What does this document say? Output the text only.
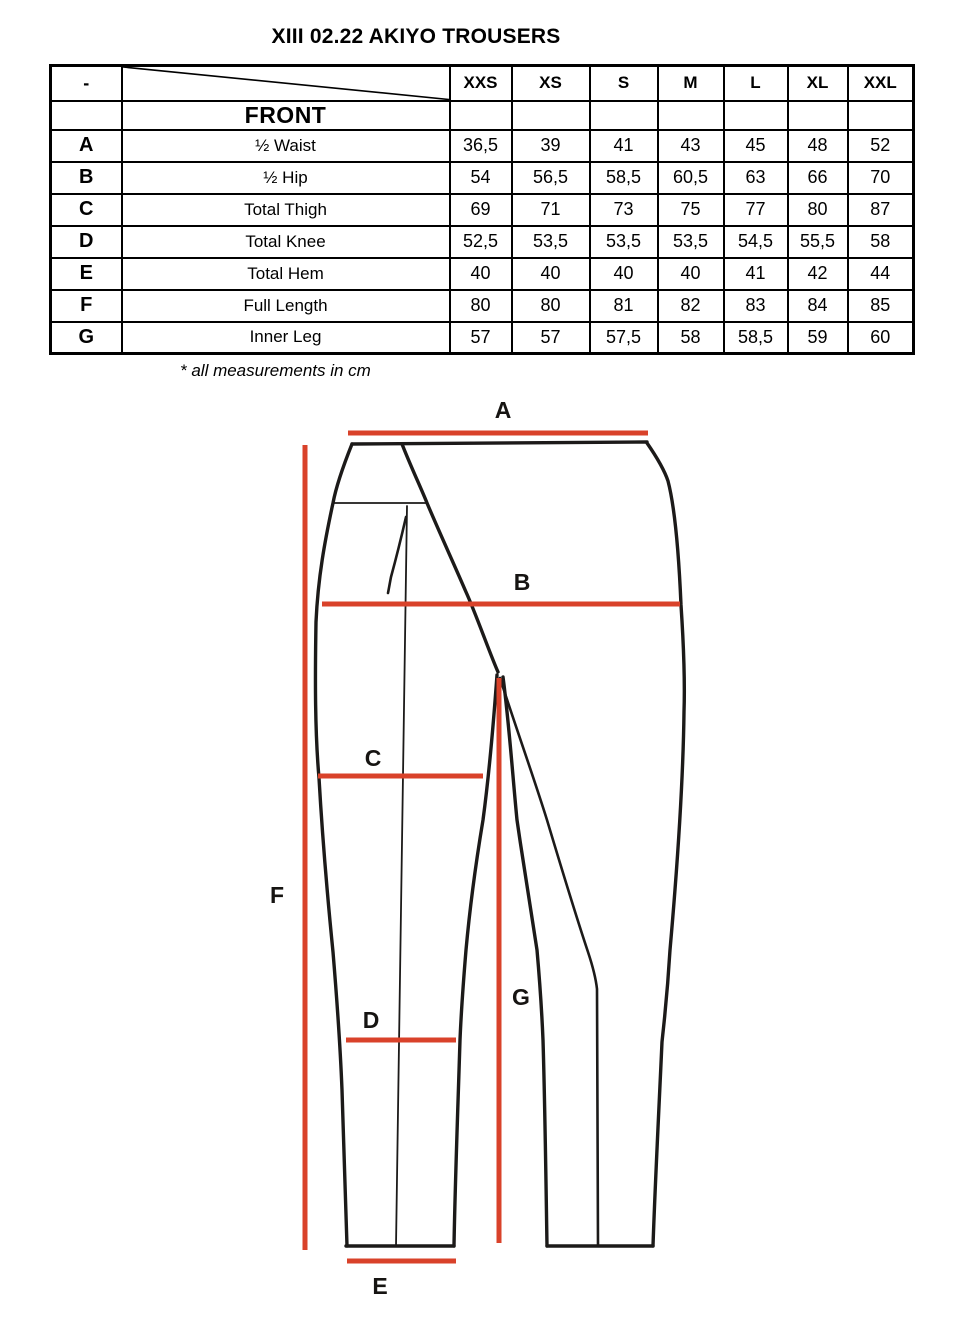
XIII 02.22 AKIYO TROUSERS
-		XXS	XS	S	M	L	XL	XXL
	FRONT							
A	½ Waist	36,5	39	41	43	45	48	52
B	½ Hip	54	56,5	58,5	60,5	63	66	70
C	Total Thigh	69	71	73	75	77	80	87
D	Total Knee	52,5	53,5	53,5	53,5	54,5	55,5	58
E	Total Hem	40	40	40	40	41	42	44
F	Full Length	80	80	81	82	83	84	85
G	Inner Leg	57	57	57,5	58	58,5	59	60
* all measurements in cm
A
B
C
D
E
F
G
